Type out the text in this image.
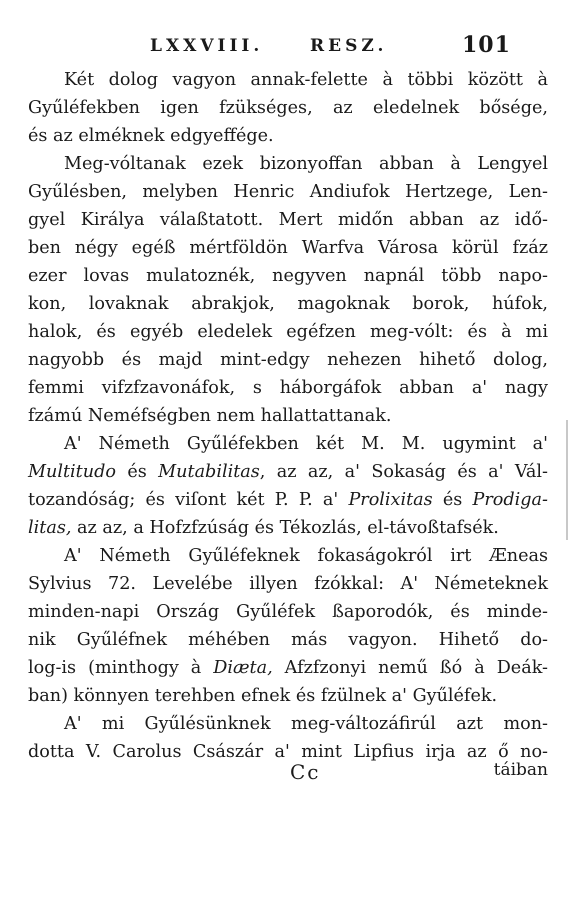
LXXVIII.	RESZ.	101
Két dolog vagyon annak-felette à többi között à
Gyűléfekben igen fzükséges, az eledelnek bősége,
és az elméknek edgyeffége.
Meg-vóltanak ezek bizonyoffan abban à Lengyel
Gyűlésben, melyben Henric Andiufok Hertzege, Len-
gyel Királya válaßtatott. Mert midőn abban az idő-
ben négy egéß mértföldön Warfva Városa körül fzáz
ezer lovas mulatoznék, negyven napnál több napo-
kon, lovaknak abrakjok, magoknak borok, húfok,
halok, és egyéb eledelek egéfzen meg-vólt: és à mi
nagyobb és majd mint-edgy nehezen hihető dolog,
femmi vifzfzavonáfok, s háborgáfok abban a' nagy
fzámú Neméfségben nem hallattattanak.
A' Németh Gyűléfekben két M. M. ugymint a'
Multitudo és Mutabilitas, az az, a' Sokaság és a' Vál-
tozandóság; és viſont két P. P. a' Prolixitas és Prodiga-
litas, az az, a Hofzfzúság és Tékozlás, el-távoßtafsék.
A' Németh Gyűléfeknek fokaságokról irt Æneas
Sylvius 72. Levelébe illyen fzókkal: A' Németeknek
minden-napi Ország Gyűléfek ßaporodók, és minde-
nik Gyűléfnek méhében más vagyon. Hihető do-
log-is (minthogy à Diæta, Afzfzonyi nemű ßó à Deák-
ban) könnyen terehben efnek és fzülnek a' Gyűléfek.
A' mi Gyűlésünknek meg-változáfirúl azt mon-
dotta V. Carolus Császár a' mint Lipfius irja az ő no-
Cc	táiban
